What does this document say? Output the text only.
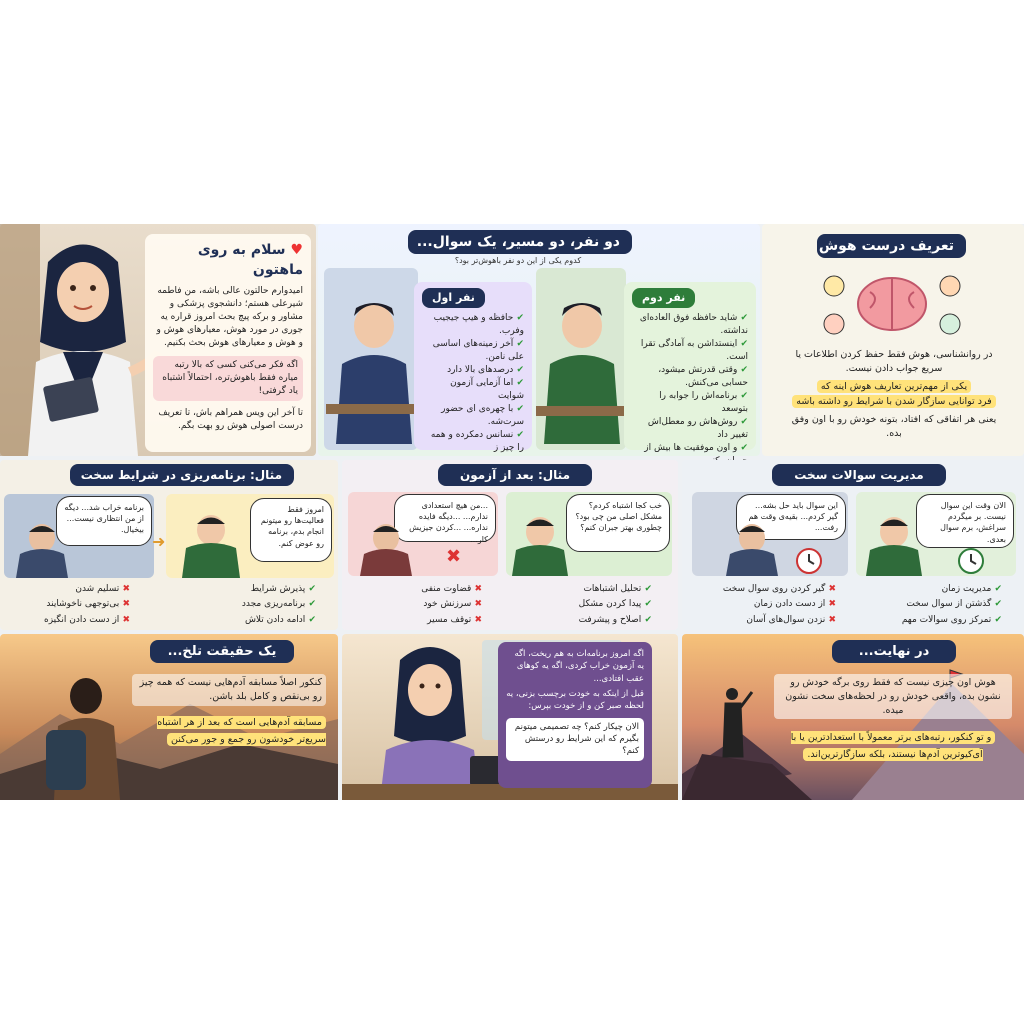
♥ سلام به روی ماهتون
امیدوارم حالتون عالی باشه، من فاطمه شیرعلی هستم؛ دانشجوی پزشکی و مشاور و برکه پیچ بحث امروز قراره یه جوری در مورد هوش، معیارهای هوش و و هوش و معیارهای هوش بحث بکنیم.
اگه فکر می‌کنی کسی که بالا رتبه میاره فقط باهوش‌تره، احتمالاً اشتباه یاد گرفتی!
تا آخر این ویس همراهم باش، تا تعریف درست اصولی هوش رو بهت بگم.
دو نفر، دو مسیر، یک سوال...
کدوم یکی از این دو نفر باهوش‌تر بود؟
نفر اول
✔ حافظه و هیپ جیجیب وفرب.
✔ آخر زمینه‌های اساسی علی نامن.
✔ درصدهای بالا دارد
✔ اما آزمایی آزمون شوایت
✔ با چهره‌ی ای حضور سرت‌شه.
✔ نسانس دمکرده و همه را چیز ز
نفر دوم
✔ شاید حافظه فوق العاده‌ای نداشته.
✔ اینستداشن به آمادگی تقرا است.
✔ وقتی قدرتش میشود، حسابی می‌کنش.
✔ برنامه‌اش را جوابه را بتوسعد
✔ روش‌هاش رو معطل‌اش تغییر داد
✔ و اون موفقیت ها بیش از
تعریف درست هوش
در روانشناسی، هوش فقط حفظ کردن اطلاعات یا سریع جواب دادن نیست.
یکی از مهم‌ترین تعاریف هوش اینه که
فرد توانایی سازگار شدن با شرایط رو داشته باشه
یعنی هر اتفاقی که افتاد، بتونه خودش رو با اون وفق بده.
مثال: برنامه‌ریزی در شرایط سخت
برنامه خراب شد... دیگه از من انتظاری نیست... بیخیال.
امروز فقط فعالیت‌ها رو میتونم انجام بدم، برنامه رو عوض کنم.
➜
✖ تسلیم شدن
✖ بی‌توجهی ناخوشایند
✖ از دست دادن انگیزه
✔ پذیرش شرایط
✔ برنامه‌ریزی مجدد
✔ ادامه دادن تلاش
مثال: بعد از آزمون
...من هیچ استعدادی ندارم... ...دیگه فایده نداره... ...کردن جیزیش کار...
خب کجا اشتباه کردم؟ مشکل اصلی من چی بود؟ چطوری بهتر جبران کنم؟
✖
✖ قضاوت منفی
✖ سرزنش خود
✖ توقف مسیر
✔ تحلیل اشتباهات
✔ پیدا کردن مشکل
✔ اصلاح و پیشرفت
مدیریت سوالات سخت
این سوال باید حل بشه... گیر کردم... بقیه‌ی وقت هم رفت...
الان وقت این سوال نیست. بر میگردم سراغش، برم سوال بعدی.
✖ گیر کردن روی سوال سخت
✖ از دست دادن زمان
✖ نزدن سوال‌های آسان
✔ مدیریت زمان
✔ گذشتن از سوال سخت
✔ تمرکز روی سوالات مهم
یک حقیقت تلخ...
کنکور اصلاً مسابقه آدم‌هایی نیست که همه چیز رو بی‌نقص و کامل بلد باشن.
مسابقه آدم‌هایی است که بعد از هر اشتباه سریع‌تر خودشون رو جمع و جور می‌کنن
اگه امروز برنامه‌ات به هم ریخت، اگه یه آزمون خراب کردی، اگه یه کوهای عقب افتادی...
قبل از اینکه به خودت برچسب بزنی، یه لحظه صبر کن و از خودت بپرس:
الان چیکار کنم؟ چه تصمیمی میتونم بگیرم که این شرایط رو درستش کنم؟
در نهایت...
هوش اون چیزی نیست که فقط روی برگه خودش رو نشون بده، واقعی خودش رو در لحظه‌های سخت نشون میده.
و تو کنکور، رتبه‌های برتر معمولاً با استعدادترین یا با آی‌کیوترین آدم‌ها نیستند، بلکه سازگارترین‌اند.
